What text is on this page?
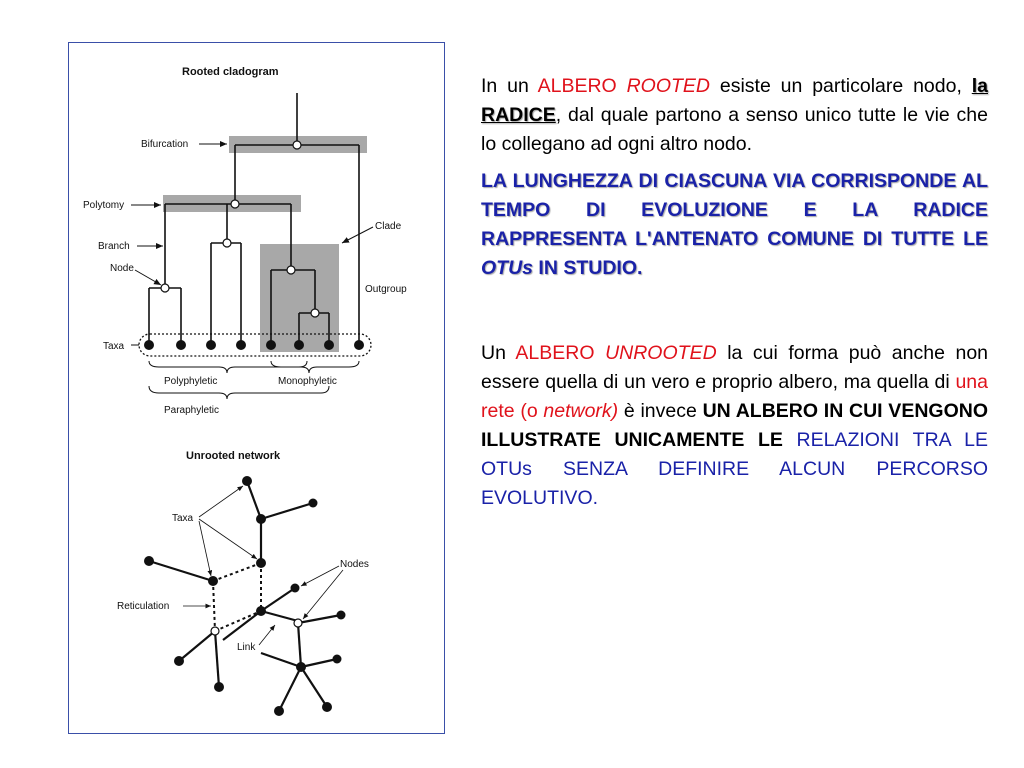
Rooted cladogram
Bifurcation
Polytomy
Branch
Node
Clade
Outgroup
Taxa
Polyphyletic	Monophyletic
Paraphyletic
Unrooted network
Taxa
Nodes
Reticulation
Link

In un ALBERO ROOTED esiste un particolare nodo, la RADICE, dal quale partono a senso unico tutte le vie che lo collegano ad ogni altro nodo.

LA LUNGHEZZA DI CIASCUNA VIA CORRISPONDE AL TEMPO DI EVOLUZIONE E LA RADICE RAPPRESENTA L'ANTENATO COMUNE DI TUTTE LE OTUs IN STUDIO.

Un ALBERO UNROOTED la cui forma può anche non essere quella di un vero e proprio albero, ma quella di una rete (o network) è invece UN ALBERO IN CUI VENGONO ILLUSTRATE UNICAMENTE LE RELAZIONI TRA LE OTUs SENZA DEFINIRE ALCUN PERCORSO EVOLUTIVO.
